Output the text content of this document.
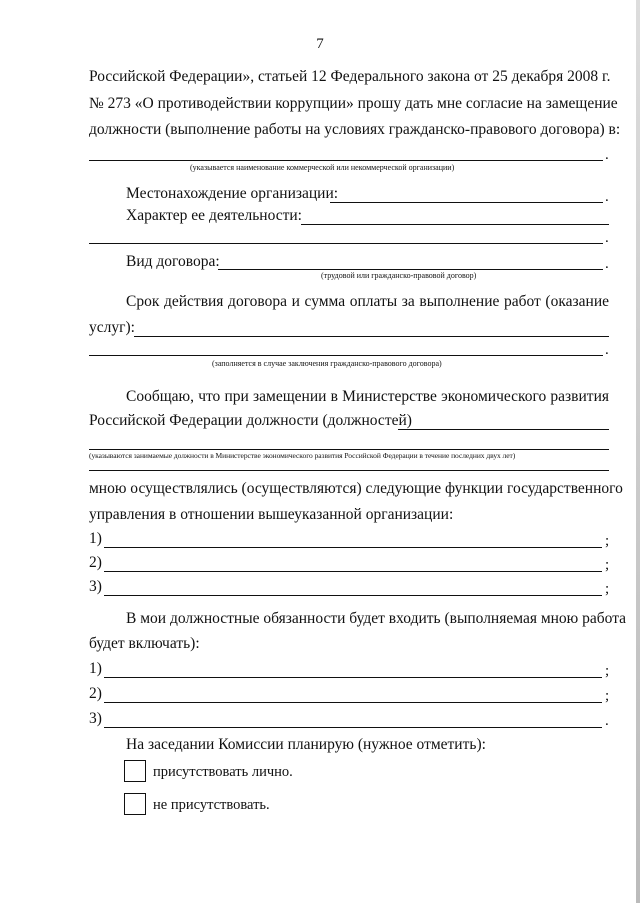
7
Российской Федерации», статьей 12 Федерального закона от 25 декабря 2008 г.
№ 273 «О противодействии коррупции» прошу дать мне согласие на замещение
должности (выполнение работы на условиях гражданско-правового договора) в:
.
(указывается наименование коммерческой или некоммерческой организации)
Местонахождение организации:	.
Характер ее деятельности:
.
Вид договора:	.
(трудовой или гражданско-правовой договор)
Срок действия договора и сумма оплаты за выполнение работ (оказание
услуг):
.
(заполняется в случае заключения гражданско-правового договора)
Сообщаю, что при замещении в Министерстве экономического развития
Российской Федерации должности (должностей)
(указываются занимаемые должности в Министерстве экономического развития Российской Федерации в течение последних двух лет)
мною осуществлялись (осуществляются) следующие функции государственного
управления в отношении вышеуказанной организации:
1)	;
2)	;
3)	;
В мои должностные обязанности будет входить (выполняемая мною работа
будет включать):
1)	;
2)	;
3)	.
На заседании Комиссии планирую (нужное отметить):
присутствовать лично.
не присутствовать.
